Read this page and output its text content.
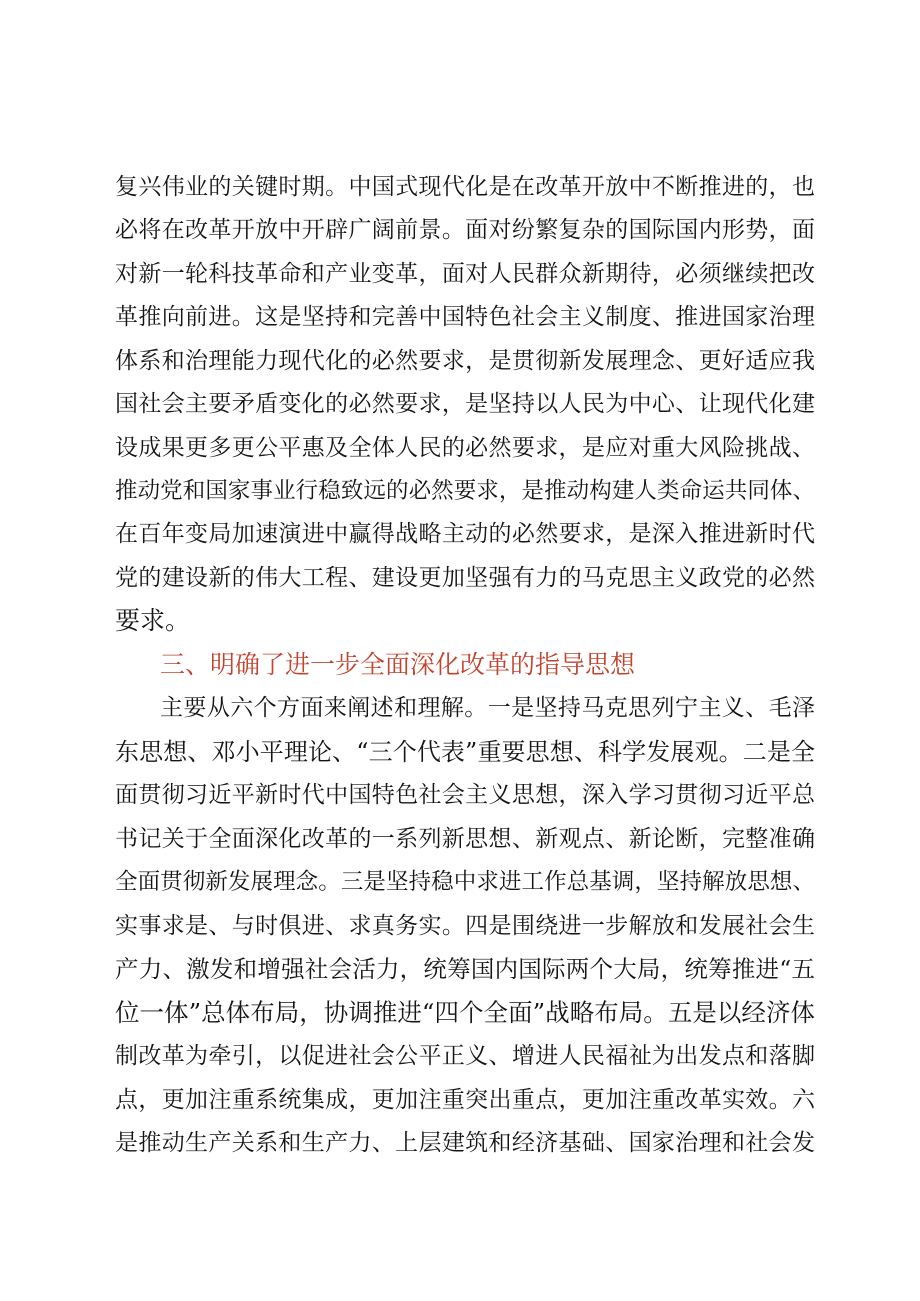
复兴伟业的关键时期。中国式现代化是在改革开放中不断推进的，也

必将在改革开放中开辟广阔前景。面对纷繁复杂的国际国内形势，面

对新一轮科技革命和产业变革，面对人民群众新期待，必须继续把改

革推向前进。这是坚持和完善中国特色社会主义制度、推进国家治理

体系和治理能力现代化的必然要求，是贯彻新发展理念、更好适应我

国社会主要矛盾变化的必然要求，是坚持以人民为中心、让现代化建

设成果更多更公平惠及全体人民的必然要求，是应对重大风险挑战、

推动党和国家事业行稳致远的必然要求，是推动构建人类命运共同体、

在百年变局加速演进中赢得战略主动的必然要求，是深入推进新时代

党的建设新的伟大工程、建设更加坚强有力的马克思主义政党的必然

要求。

三、明确了进一步全面深化改革的指导思想

主要从六个方面来阐述和理解。一是坚持马克思列宁主义、毛泽

东思想、邓小平理论、“三个代表”重要思想、科学发展观。二是全

面贯彻习近平新时代中国特色社会主义思想，深入学习贯彻习近平总

书记关于全面深化改革的一系列新思想、新观点、新论断，完整准确

全面贯彻新发展理念。三是坚持稳中求进工作总基调，坚持解放思想、

实事求是、与时俱进、求真务实。四是围绕进一步解放和发展社会生

产力、激发和增强社会活力，统筹国内国际两个大局，统筹推进“五

位一体”总体布局，协调推进“四个全面”战略布局。五是以经济体

制改革为牵引，以促进社会公平正义、增进人民福祉为出发点和落脚

点，更加注重系统集成，更加注重突出重点，更加注重改革实效。六

是推动生产关系和生产力、上层建筑和经济基础、国家治理和社会发
